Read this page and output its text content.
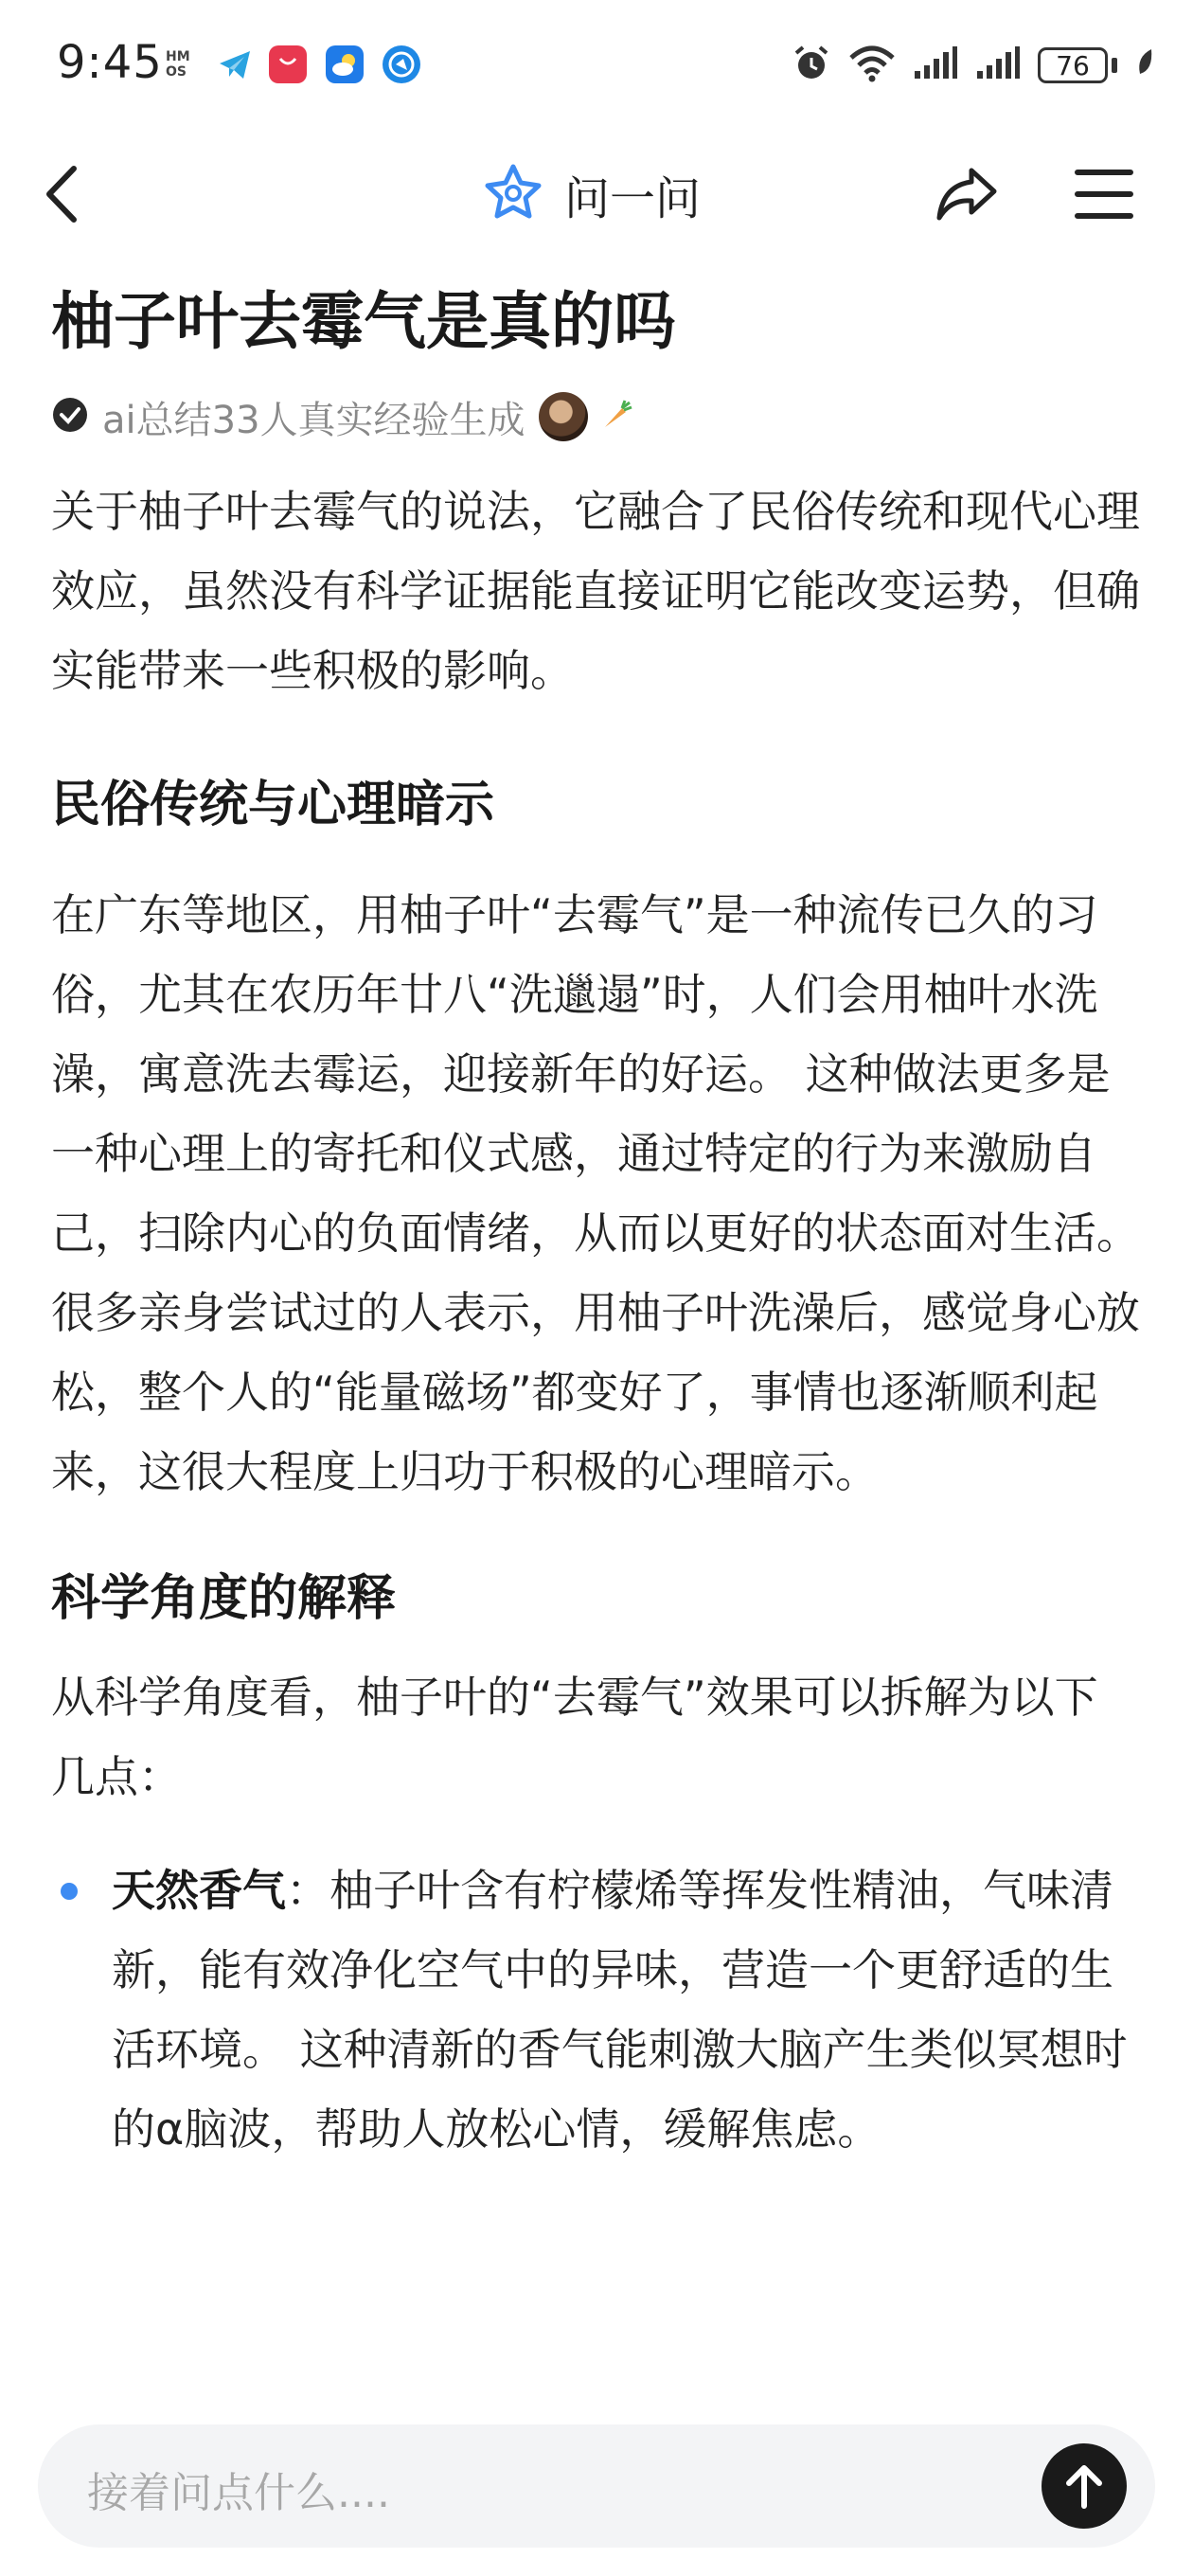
9:45 HM
OS	76
问一问
柚子叶去霉气是真的吗
ai总结33人真实经验生成

关于柚子叶去霉气的说法，它融合了民俗传统和现代心理效应，虽然没有科学证据能直接证明它能改变运势，但确实能带来一些积极的影响。

民俗传统与心理暗示

在广东等地区，用柚子叶“去霉气”是一种流传已久的习俗，尤其在农历年廿八“洗邋遢”时，人们会用柚叶水洗澡，寓意洗去霉运，迎接新年的好运。 这种做法更多是一种心理上的寄托和仪式感，通过特定的行为来激励自己，扫除内心的负面情绪，从而以更好的状态面对生活。 很多亲身尝试过的人表示，用柚子叶洗澡后，感觉身心放松，整个人的“能量磁场”都变好了，事情也逐渐顺利起来，这很大程度上归功于积极的心理暗示。

科学角度的解释

从科学角度看，柚子叶的“去霉气”效果可以拆解为以下几点：

天然香气：柚子叶含有柠檬烯等挥发性精油，气味清新，能有效净化空气中的异味，营造一个更舒适的生活环境。 这种清新的香气能刺激大脑产生类似冥想时的α脑波，帮助人放松心情，缓解焦虑。
接着问点什么....
